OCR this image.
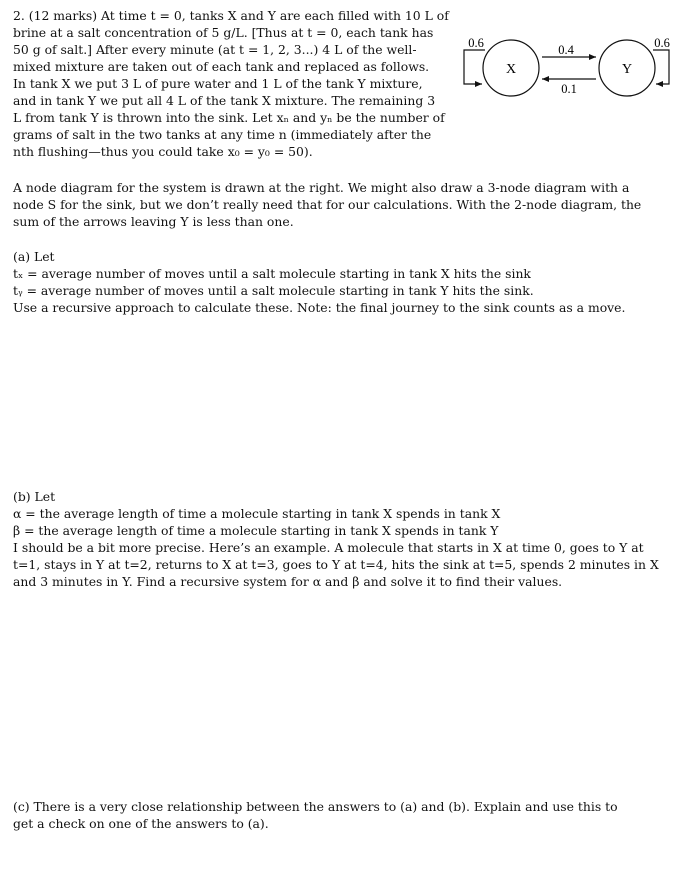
2. (12 marks) At time t = 0, tanks X and Y are each filled with 10 L of

brine at a salt concentration of 5 g/L. [Thus at t = 0, each tank has

50 g of salt.] After every minute (at t = 1, 2, 3...) 4 L of the well-

mixed mixture are taken out of each tank and replaced as follows.

In tank X we put 3 L of pure water and 1 L of the tank Y mixture,

and in tank Y we put all 4 L of the tank X mixture. The remaining 3

L from tank Y is thrown into the sink. Let xₙ and yₙ be the number of

grams of salt in the two tanks at any time n (immediately after the

nth flushing—thus you could take x₀ = y₀ = 50).

X	Y
0.6	0.4
0.1
0.6

A node diagram for the system is drawn at the right. We might also draw a 3-node diagram with a

node S for the sink, but we don’t really need that for our calculations. With the 2-node diagram, the

sum of the arrows leaving Y is less than one.

(a) Let

tₓ = average number of moves until a salt molecule starting in tank X hits the sink

tᵧ = average number of moves until a salt molecule starting in tank Y hits the sink.

Use a recursive approach to calculate these. Note: the final journey to the sink counts as a move.

(b) Let

α = the average length of time a molecule starting in tank X spends in tank X

β = the average length of time a molecule starting in tank X spends in tank Y

I should be a bit more precise. Here’s an example. A molecule that starts in X at time 0, goes to Y at

t=1, stays in Y at t=2, returns to X at t=3, goes to Y at t=4, hits the sink at t=5, spends 2 minutes in X

and 3 minutes in Y. Find a recursive system for α and β and solve it to find their values.

(c) There is a very close relationship between the answers to (a) and (b). Explain and use this to

get a check on one of the answers to (a).
